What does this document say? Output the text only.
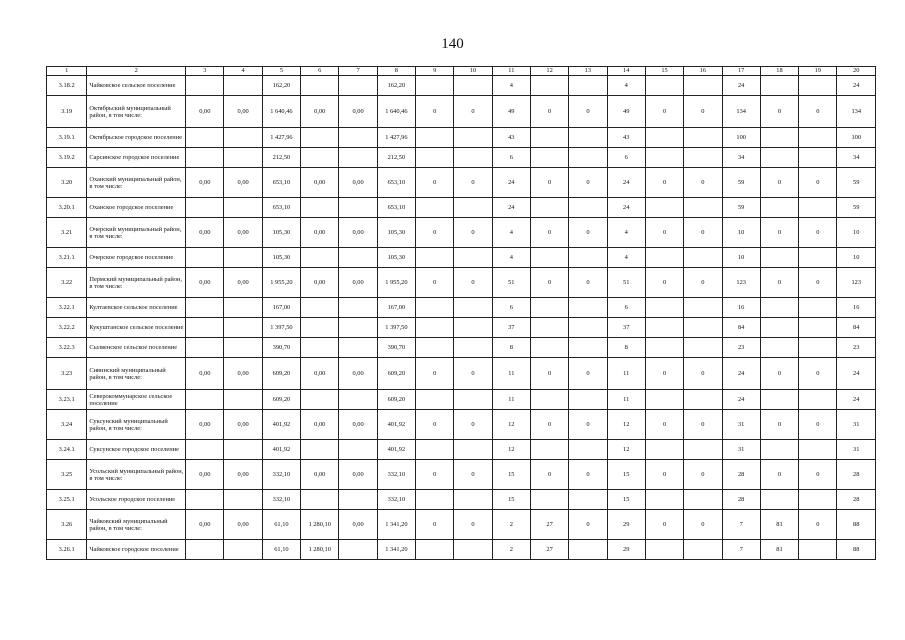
140
1	2	3	4	5	6	7	8	9	10	11	12	13	14	15	16	17	18	19	20
3.18.2	Чайковское сельское поселение			162,20			162,20			4			4			24			24
3.19	Октябрьский муниципальный район, в том числе:	0,00	0,00	1 640,46	0,00	0,00	1 640,46	0	0	49	0	0	49	0	0	134	0	0	134
3.19.1	Октябрьское городское поселение			1 427,96			1 427,96			43			43			100			100
3.19.2	Сарсинское городское поселение			212,50			212,50			6			6			34			34
3.20	Оханский муниципальный район, в том числе:	0,00	0,00	653,10	0,00	0,00	653,10	0	0	24	0	0	24	0	0	59	0	0	59
3.20.1	Оханское городское поселение			653,10			653,10			24			24			59			59
3.21	Очерский муниципальный район, в том числе:	0,00	0,00	105,30	0,00	0,00	105,30	0	0	4	0	0	4	0	0	10	0	0	10
3.21.1	Очерское городское поселение			105,30			105,30			4			4			10			10
3.22	Пермский муниципальный район, в том числе:	0,00	0,00	1 955,20	0,00	0,00	1 955,20	0	0	51	0	0	51	0	0	123	0	0	123
3.22.1	Култаевское сельское поселение			167,00			167,00			6			6			16			16
3.22.2	Кукуштанское сельское поселение			1 397,50			1 397,50			37			37			84			84
3.22.3	Сылвенское сельское поселение			390,70			390,70			8			8			23			23
3.23	Сивинский муниципальный район, в том числе:	0,00	0,00	609,20	0,00	0,00	609,20	0	0	11	0	0	11	0	0	24	0	0	24
3.23.1	Северокоммунарское сельское поселение			609,20			609,20			11			11			24			24
3.24	Суксунский муниципальный район, в том числе:	0,00	0,00	401,92	0,00	0,00	401,92	0	0	12	0	0	12	0	0	31	0	0	31
3.24.1	Суксунское городское поселение			401,92			401,92			12			12			31			31
3.25	Усольский муниципальный район, в том числе:	0,00	0,00	332,10	0,00	0,00	332,10	0	0	15	0	0	15	0	0	28	0	0	28
3.25.1	Усольское городское поселение			332,10			332,10			15			15			28			28
3.26	Чайковский муниципальный район, в том числе:	0,00	0,00	61,10	1 280,10	0,00	1 341,20	0	0	2	27	0	29	0	0	7	81	0	88
3.26.1	Чайковское городское поселение			61,10	1 280,10		1 341,20			2	27		29			7	81		88
